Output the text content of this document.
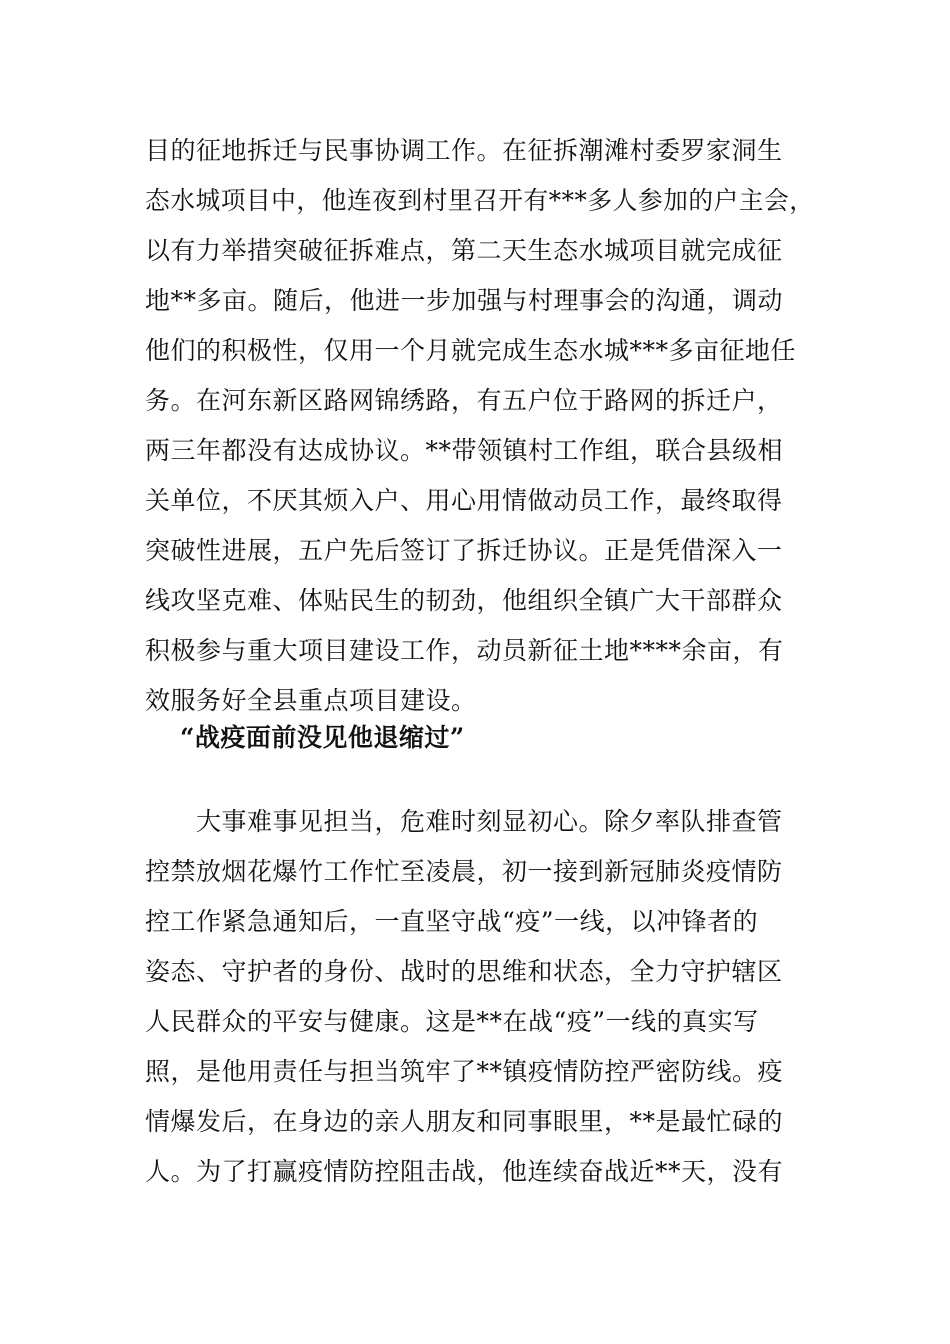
目的征地拆迁与民事协调工作。在征拆潮滩村委罗家洞生
态水城项目中，他连夜到村里召开有***多人参加的户主会，
以有力举措突破征拆难点，第二天生态水城项目就完成征
地**多亩。随后，他进一步加强与村理事会的沟通，调动
他们的积极性，仅用一个月就完成生态水城***多亩征地任
务。在河东新区路网锦绣路，有五户位于路网的拆迁户，
两三年都没有达成协议。**带领镇村工作组，联合县级相
关单位，不厌其烦入户、用心用情做动员工作，最终取得
突破性进展，五户先后签订了拆迁协议。正是凭借深入一
线攻坚克难、体贴民生的韧劲，他组织全镇广大干部群众
积极参与重大项目建设工作，动员新征土地****余亩，有
效服务好全县重点项目建设。
“战疫面前没见他退缩过”
　　大事难事见担当，危难时刻显初心。除夕率队排查管
控禁放烟花爆竹工作忙至凌晨，初一接到新冠肺炎疫情防
控工作紧急通知后，一直坚守战“疫”一线，以冲锋者的
姿态、守护者的身份、战时的思维和状态，全力守护辖区
人民群众的平安与健康。这是**在战“疫”一线的真实写
照，是他用责任与担当筑牢了**镇疫情防控严密防线。疫
情爆发后，在身边的亲人朋友和同事眼里，**是最忙碌的
人。为了打赢疫情防控阻击战，他连续奋战近**天，没有
